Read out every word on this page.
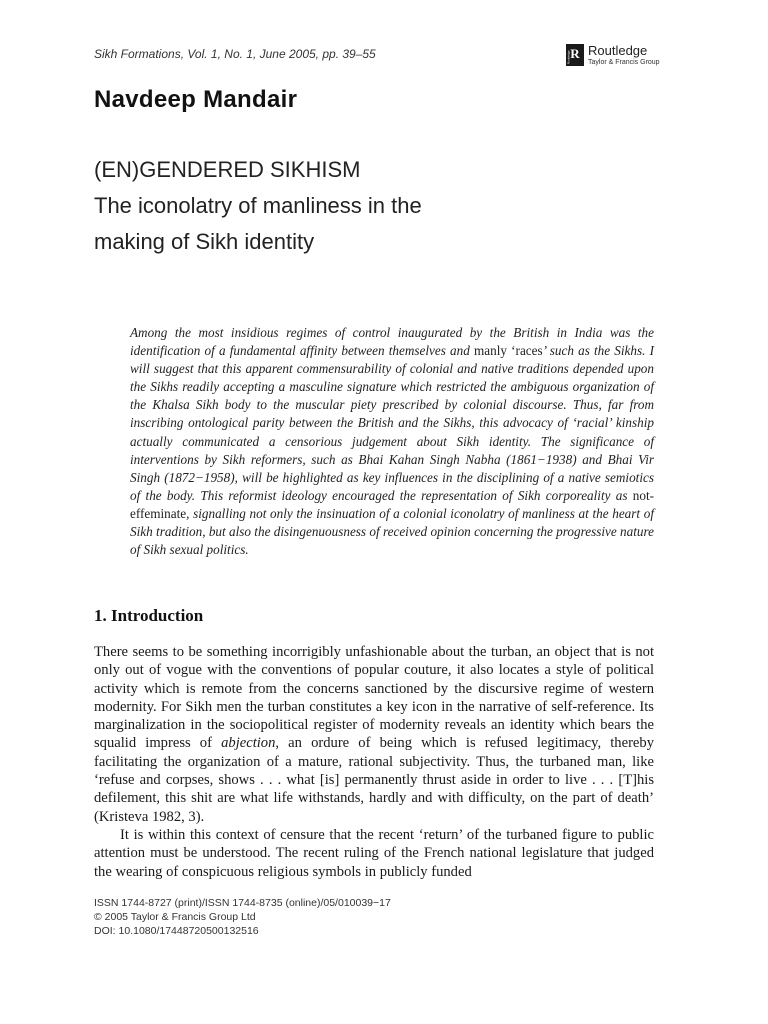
Sikh Formations, Vol. 1, No. 1, June 2005, pp. 39–55	R
Routledge Routledge
Taylor & Francis Group
Navdeep Mandair
(EN)GENDERED SIKHISM
The iconolatry of manliness in the
making of Sikh identity
Among the most insidious regimes of control inaugurated by the British in India was the identification of a fundamental affinity between themselves and manly ‘races’ such as the Sikhs. I will suggest that this apparent commensurability of colonial and native traditions depended upon the Sikhs readily accepting a masculine signature which restricted the ambiguous organization of the Khalsa Sikh body to the muscular piety prescribed by colonial discourse. Thus, far from inscribing ontological parity between the British and the Sikhs, this advocacy of ‘racial’ kinship actually communicated a censorious judgement about Sikh identity. The significance of interventions by Sikh reformers, such as Bhai Kahan Singh Nabha (1861−1938) and Bhai Vir Singh (1872−1958), will be highlighted as key influences in the disciplining of a native semiotics of the body. This reformist ideology encouraged the representation of Sikh corporeality as not-effeminate, signalling not only the insinuation of a colonial iconolatry of manliness at the heart of Sikh tradition, but also the disingenuousness of received opinion concerning the progressive nature of Sikh sexual politics.
1. Introduction

There seems to be something incorrigibly unfashionable about the turban, an object that is not only out of vogue with the conventions of popular couture, it also locates a style of political activity which is remote from the concerns sanctioned by the discursive regime of western modernity. For Sikh men the turban constitutes a key icon in the narrative of self-reference. Its marginalization in the sociopolitical register of modernity reveals an identity which bears the squalid impress of abjection, an ordure of being which is refused legitimacy, thereby facilitating the organization of a mature, rational subjectivity. Thus, the turbaned man, like ‘refuse and corpses, shows . . . what [is] permanently thrust aside in order to live . . . [T]his defilement, this shit are what life withstands, hardly and with difficulty, on the part of death’ (Kristeva 1982, 3).

It is within this context of censure that the recent ‘return’ of the turbaned figure to public attention must be understood. The recent ruling of the French national legislature that judged the wearing of conspicuous religious symbols in publicly funded

ISSN 1744-8727 (print)/ISSN 1744-8735 (online)/05/010039−17
© 2005 Taylor & Francis Group Ltd
DOI: 10.1080/17448720500132516
